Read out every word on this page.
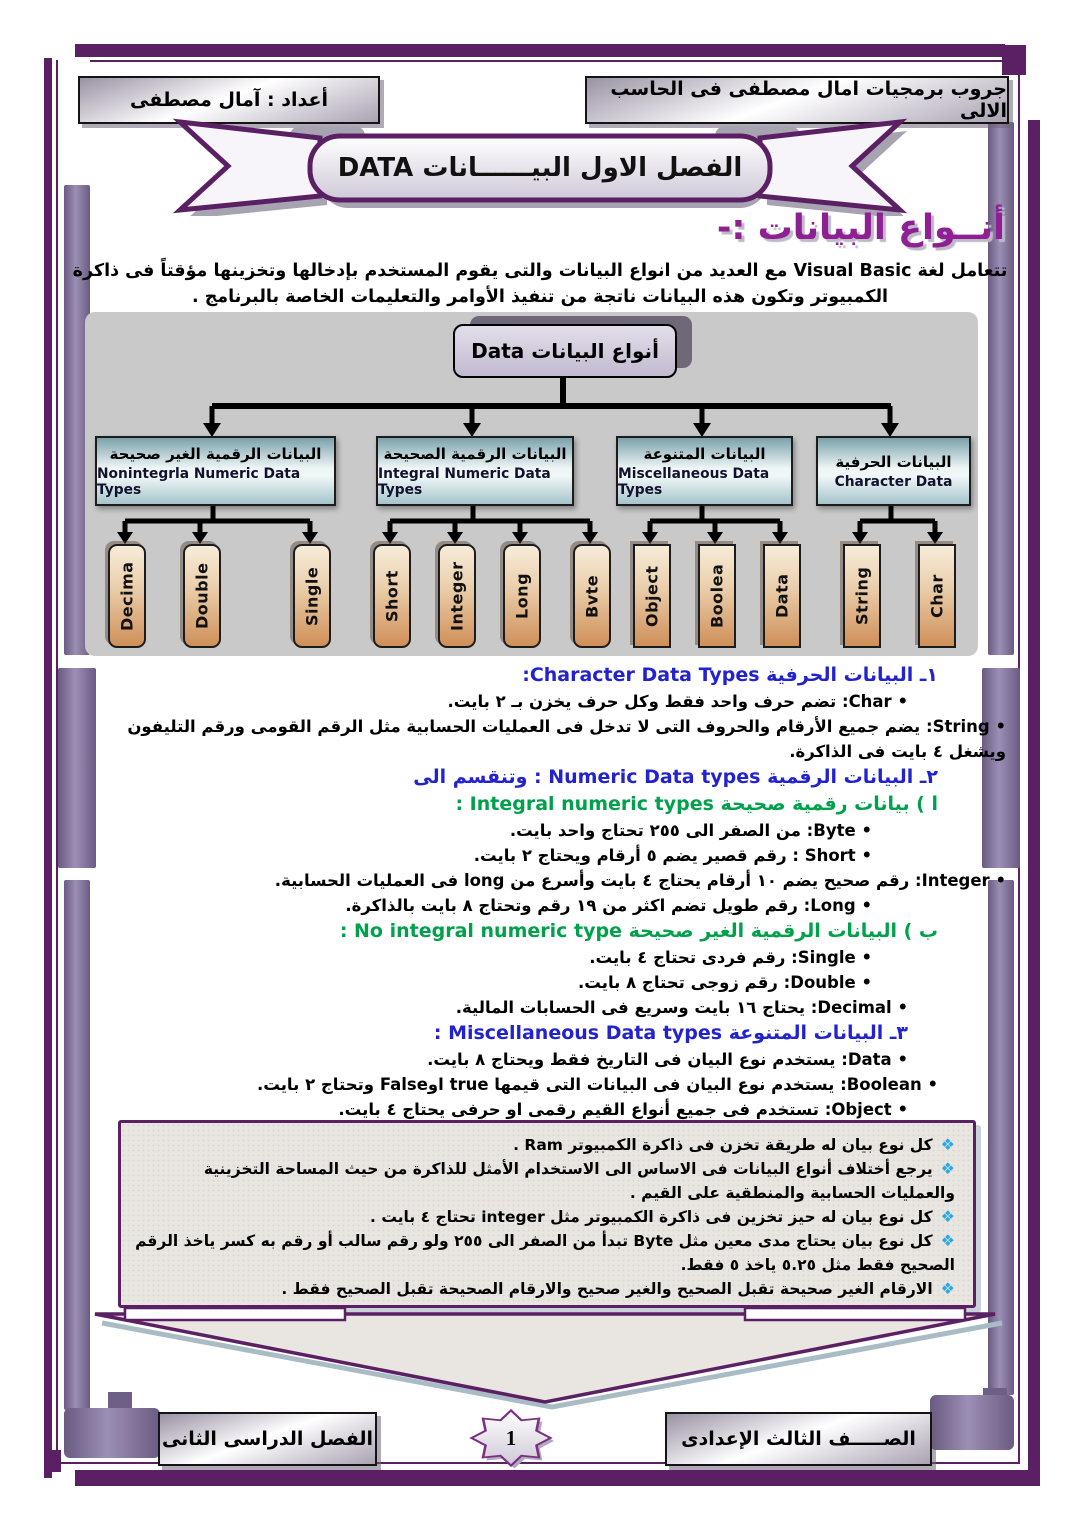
أعداد : آمال مصطفى	جروب برمجيات امال مصطفى فى الحاسب الالى
الفصل الاول البيــــــانات DATA
أنــواع البيانات :-
تتعامل لغة Visual Basic مع العديد من انواع البيانات والتى يقوم المستخدم بإدخالها وتخزينها مؤقتاً فى ذاكرة الكمبيوتر وتكون هذه البيانات ناتجة من تنفيذ الأوامر والتعليمات الخاصة بالبرنامج .
أنواع البيانات Data
البيانات الرقمية الغير صحيحة
Nonintegrla Numeric Data Types
البيانات الرقمية الصحيحة
Integral Numeric Data Types
البيانات المتنوعة
Miscellaneous Data Types
البيانات الحرفية
Character Data
Decima	Double	Single	Short	Integer	Long	Bvte	Object	Boolea	Data	String	Char
١ـ البيانات الحرفية Character Data Types:
• Char: تضم حرف واحد فقط وكل حرف يخزن بـ ٢ بايت.
• String: يضم جميع الأرقام والحروف التى لا تدخل فى العمليات الحسابية مثل الرقم القومى ورقم التليفون ويشغل ٤ بايت فى الذاكرة.
٢ـ البيانات الرقمية Numeric Data types : وتنقسم الى
ا ) بيانات رقمية صحيحة Integral numeric types :
• Byte: من الصفر الى ٢٥٥ تحتاج واحد بايت.
• Short : رقم قصير يضم ٥ أرقام ويحتاج ٢ بايت.
• Integer: رقم صحيح يضم ١٠ أرقام يحتاج ٤ بايت وأسرع من long فى العمليات الحسابية.
• Long: رقم طويل تضم اكثر من ١٩ رقم وتحتاج ٨ بايت بالذاكرة.
ب ) البيانات الرقمية الغير صحيحة No integral numeric type :
• Single: رقم فردى تحتاج ٤ بايت.
• Double: رقم زوجى تحتاج ٨ بايت.
• Decimal: يحتاج ١٦ بايت وسريع فى الحسابات المالية.
٣ـ البيانات المتنوعة Miscellaneous Data types :
• Data: يستخدم نوع البيان فى التاريخ فقط ويحتاج ٨ بايت.
• Boolean: يستخدم نوع البيان فى البيانات التى قيمها true اوFalse وتحتاج ٢ بايت.
• Object: تستخدم فى جميع أنواع القيم رقمى او حرفى يحتاج ٤ بايت.
❖كل نوع بيان له طريقة تخزن فى ذاكرة الكمبيوتر Ram .
❖يرجع أختلاف أنواع البيانات فى الاساس الى الاستخدام الأمثل للذاكرة من حيث المساحة التخزينية والعمليات الحسابية والمنطقية على القيم .
❖كل نوع بيان له حيز تخزين فى ذاكرة الكمبيوتر مثل integer تحتاج ٤ بايت .
❖كل نوع بيان يحتاج مدى معين مثل Byte تبدأ من الصفر الى ٢٥٥ ولو رقم سالب أو رقم به كسر ياخذ الرقم الصحيح فقط مثل ٥.٢٥ ياخذ ٥ فقط.
❖الارقام الغير صحيحة تقبل الصحيح والغير صحيح والارقام الصحيحة تقبل الصحيح فقط .
الفصل الدراسى الثانى	الصـــــف الثالث الإعدادى
1
